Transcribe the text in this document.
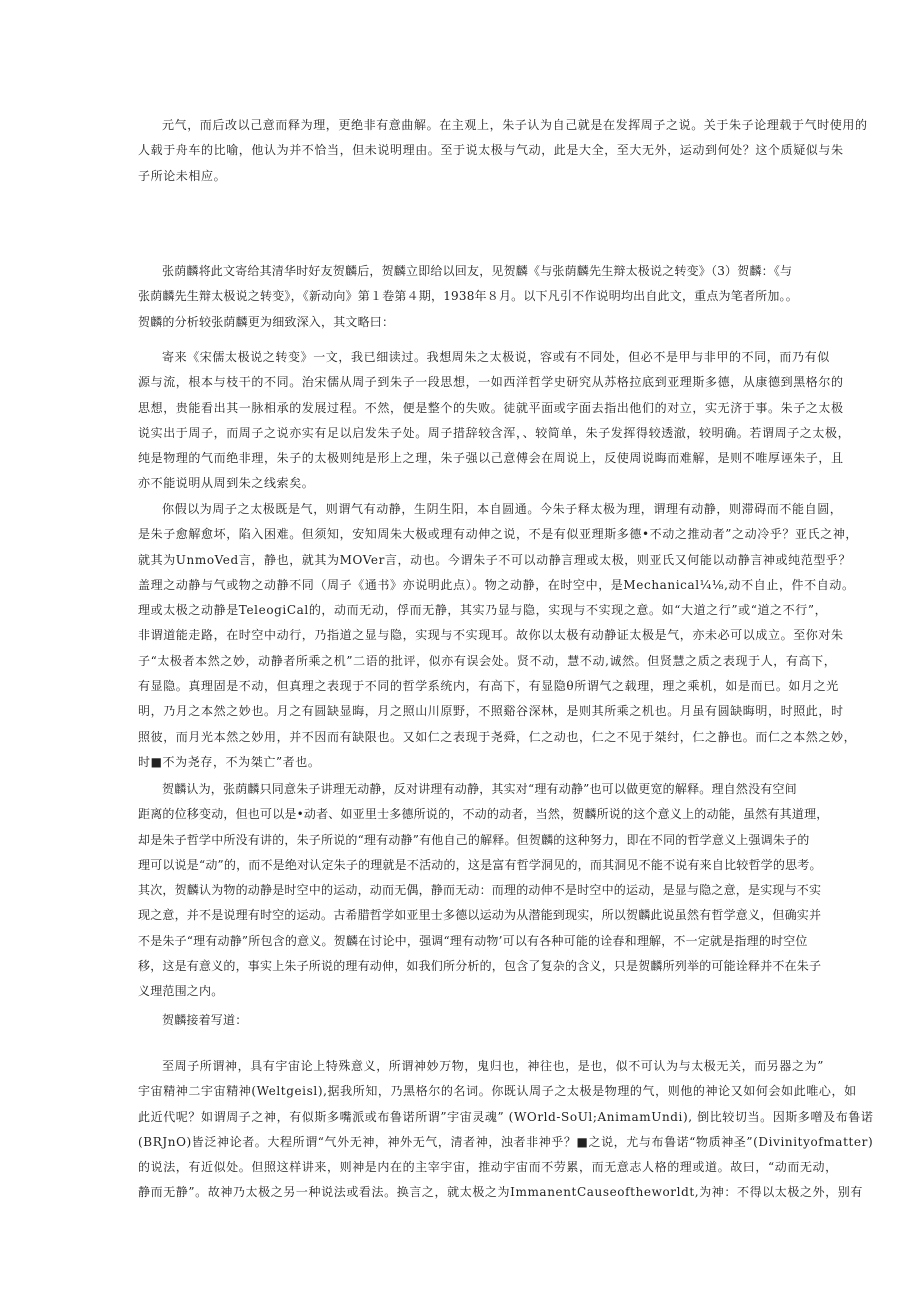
元气，而后改以己意而释为理，更绝非有意曲解。在主观上，朱子认为自己就是在发挥周子之说。关于朱子论理载于气时使用的
人载于舟车的比喻，他认为并不恰当，但未说明理由。至于说太极与气动，此是大全，至大无外，运动到何处？这个质疑似与朱
子所论未相应。
张荫麟将此文寄给其清华时好友贺麟后，贺麟立即给以回友，见贺麟《与张荫麟先生辩太极说之转变》（3）贺麟：《与
张荫麟先生辩太极说之转变》，《新动向》第１卷第４期，1938年８月。以下凡引不作说明均出自此文，重点为笔者所加。。
贺麟的分析较张荫麟更为细致深入，其文略曰：
寄来《宋儒太极说之转变》一文，我已细读过。我想周朱之太极说，容或有不同处，但必不是甲与非甲的不同，而乃有似
源与流，根本与枝干的不同。治宋儒从周子到朱子一段思想，一如西洋哲学史研究从苏格拉底到亚理斯多德，从康德到黑格尔的
思想，贵能看出其一脉相承的发展过程。不然，便是整个的失败。徒就平面或字面去指出他们的对立，实无济于事。朱子之太极
说实出于周子，而周子之说亦实有足以启发朱子处。周子措辞较含浑，、较简单，朱子发挥得较透澈，较明确。若谓周子之太极，
纯是物理的气而绝非理，朱子的太极则纯是形上之理，朱子强以己意傅会在周说上，反使周说晦而难解，是则不唯厚诬朱子，且
亦不能说明从周到朱之线索矣。
你假以为周子之太极既是气，则谓气有动静，生阴生阳，本自圆通。今朱子释太极为理，谓理有动静，则滞碍而不能自圆，
是朱子愈解愈坏，陷入困难。但须知，安知周朱大极或理有动伸之说，不是有似亚理斯多德•不动之推动者”之动冷乎？亚氏之神，
就其为UnmoVed言，静也，就其为MOVer言，动也。今谓朱子不可以动静言理或太极，则亚氏又何能以动静言神或纯范型乎？
盖理之动静与气或物之动静不同（周子《通书》亦说明此点）。物之动静，在时空中，是Mechanical¼⅛,动不自止，件不自动。
理或太极之动静是TeleogiCal的，动而无动，俘而无静，其实乃显与隐，实现与不实现之意。如“大道之行”或“道之不行”，
非谓道能走路，在时空中动行，乃指道之显与隐，实现与不实现耳。故你以太极有动静证太极是气，亦未必可以成立。至你对朱
子“太极者本然之妙，动静者所乘之机”二语的批评，似亦有误会处。贤不动，慧不动,诚然。但贤慧之质之表现于人，有高下，
有显隐。真理固是不动，但真理之表现于不同的哲学系统内，有高下，有显隐θ所谓气之载理，理之乘机，如是而已。如月之光
明，乃月之本然之妙也。月之有圆缺显晦，月之照山川原野，不照谿谷深林，是则其所乘之机也。月虽有圆缺晦明，时照此，时
照彼，而月光本然之妙用，并不因而有缺限也。又如仁之表现于尧舜，仁之动也，仁之不见于桀纣，仁之静也。而仁之本然之妙，
时■不为尧存，不为桀亡”者也。
贺麟认为，张荫麟只同意朱子讲理无动静，反对讲理有动静，其实对“理有动静”也可以做更宽的解释。理自然没有空间
距离的位移变动，但也可以是•动者、如亚里士多德所说的，不动的动者，当然，贺麟所说的这个意义上的动能，虽然有其道理，
却是朱子哲学中所没有讲的，朱子所说的“理有动静”有他自己的解释。但贺麟的这种努力，即在不同的哲学意义上强调朱子的
理可以说是“动”的，而不是绝对认定朱子的理就是不活动的，这是富有哲学洞见的，而其洞见不能不说有来自比较哲学的思考。
其次，贺麟认为物的动静是时空中的运动，动而无偶，静而无动：而理的动伸不是时空中的运动，是显与隐之意，是实现与不实
现之意，并不是说理有时空的运动。古希腊哲学如亚里士多德以运动为从潜能到现实，所以贺麟此说虽然有哲学意义，但确实并
不是朱子“理有动静”所包含的意义。贺麟在讨论中，强调“理有动物’可以有各种可能的诠春和理解，不一定就是指理的时空位
移，这是有意义的，事实上朱子所说的理有动伸，如我们所分析的，包含了复杂的含义，只是贺麟所列举的可能诠释并不在朱子
义理范围之内。
贺麟接着写道：
至周子所谓神，具有宇宙论上特殊意义，所谓神妙万物，鬼归也，神往也，是也，似不可认为与太极无关，而另器之为”
宇宙精神二宇宙精神(Weltgeisl),据我所知，乃黑格尔的名词。你既认周子之太极是物理的气，则他的神论又如何会如此唯心，如
此近代呢？如谓周子之神，有似斯多嘴派或布鲁诺所谓”宇宙灵魂” (WOrld-SoUl;AnimamUndi), 倒比较切当。因斯多噌及布鲁诺
(BRJnO)皆泛神论者。大程所谓“气外无神，神外无气，清者神，浊者非神乎？■之说，尤与布鲁诺“物质神圣”(Divinityofmatter)
的说法，有近似处。但照这样讲来，则神是内在的主宰宇宙，推动宇宙而不劳累，而无意志人格的理或道。故曰，“动而无动，
静而无静”。故神乃太极之另一种说法或看法。换言之，就太极之为ImmanentCauseoftheworldt,为神：不得以太极之外，别有
